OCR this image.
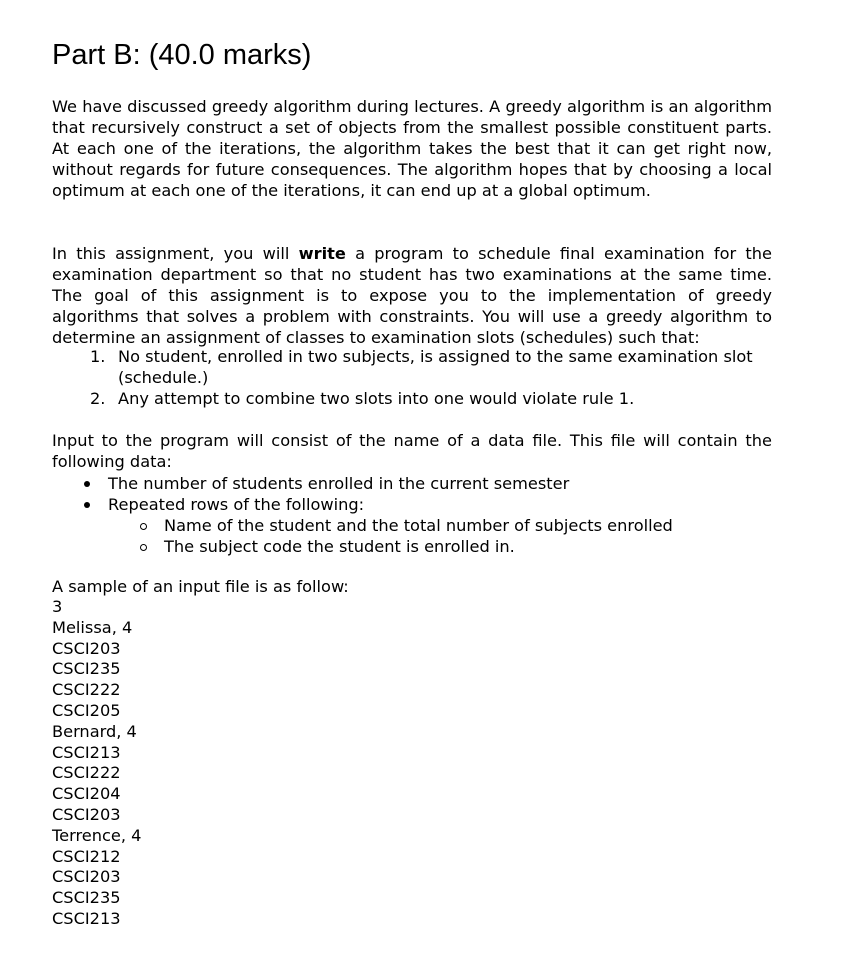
Part B: (40.0 marks)

We have discussed greedy algorithm during lectures. A greedy algorithm is an algorithm that recursively construct a set of objects from the smallest possible constituent parts. At each one of the iterations, the algorithm takes the best that it can get right now, without regards for future consequences. The algorithm hopes that by choosing a local optimum at each one of the iterations, it can end up at a global optimum.

In this assignment, you will write a program to schedule final examination for the examination department so that no student has two examinations at the same time. The goal of this assignment is to expose you to the implementation of greedy algorithms that solves a problem with constraints. You will use a greedy algorithm to determine an assignment of classes to examination slots (schedules) such that:

1. No student, enrolled in two subjects, is assigned to the same examination slot (schedule.)
2. Any attempt to combine two slots into one would violate rule 1.

Input to the program will consist of the name of a data file. This file will contain the following data:

The number of students enrolled in the current semester
Repeated rows of the following:
Name of the student and the total number of subjects enrolled
The subject code the student is enrolled in.

A sample of an input file is as follow:

3
Melissa, 4
CSCI203
CSCI235
CSCI222
CSCI205
Bernard, 4
CSCI213
CSCI222
CSCI204
CSCI203
Terrence, 4
CSCI212
CSCI203
CSCI235
CSCI213
